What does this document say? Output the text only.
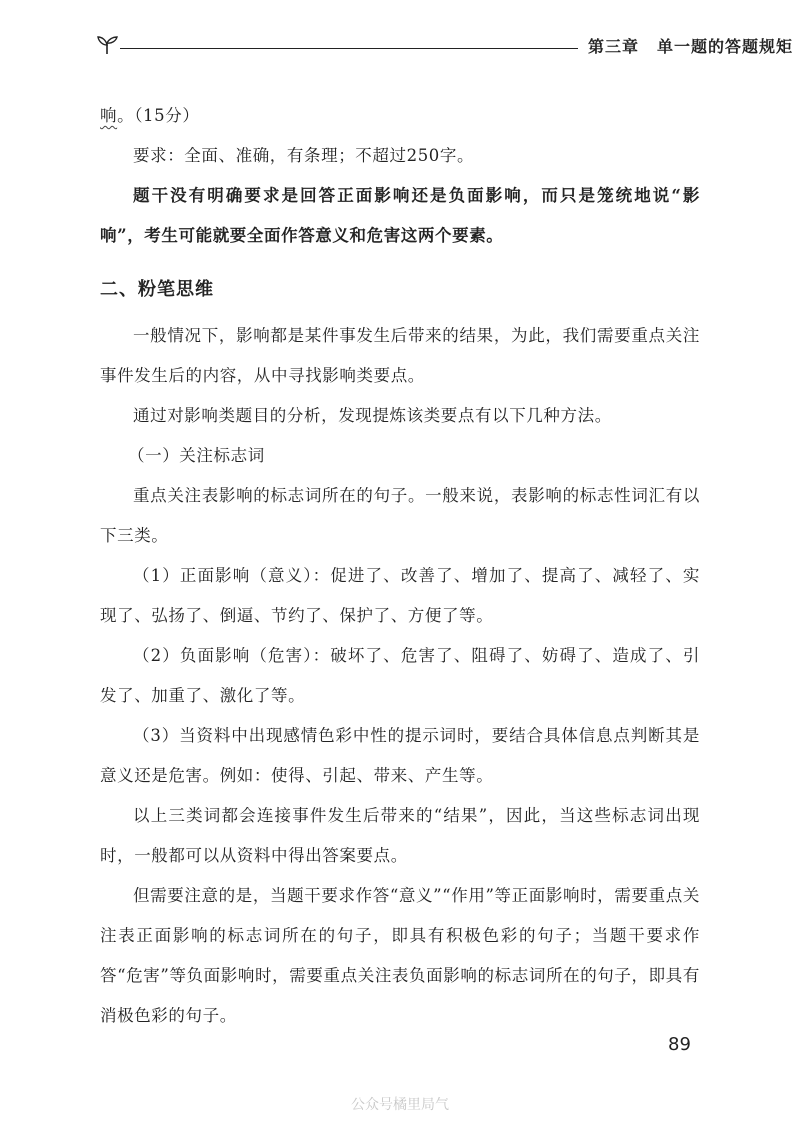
第三章 单一题的答题规矩

响。（15分）

要求：全面、准确，有条理；不超过250字。

题干没有明确要求是回答正面影响还是负面影响，而只是笼统地说“影响”，考生可能就要全面作答意义和危害这两个要素。

二、粉笔思维

一般情况下，影响都是某件事发生后带来的结果，为此，我们需要重点关注事件发生后的内容，从中寻找影响类要点。

通过对影响类题目的分析，发现提炼该类要点有以下几种方法。

（一）关注标志词

重点关注表影响的标志词所在的句子。一般来说，表影响的标志性词汇有以下三类。

（1）正面影响（意义）：促进了、改善了、增加了、提高了、减轻了、实现了、弘扬了、倒逼、节约了、保护了、方便了等。

（2）负面影响（危害）：破坏了、危害了、阻碍了、妨碍了、造成了、引发了、加重了、激化了等。

（3）当资料中出现感情色彩中性的提示词时，要结合具体信息点判断其是意义还是危害。例如：使得、引起、带来、产生等。

以上三类词都会连接事件发生后带来的“结果”，因此，当这些标志词出现时，一般都可以从资料中得出答案要点。

但需要注意的是，当题干要求作答“意义”“作用”等正面影响时，需要重点关注表正面影响的标志词所在的句子，即具有积极色彩的句子；当题干要求作答“危害”等负面影响时，需要重点关注表负面影响的标志词所在的句子，即具有消极色彩的句子。

89
公众号橘里局气
